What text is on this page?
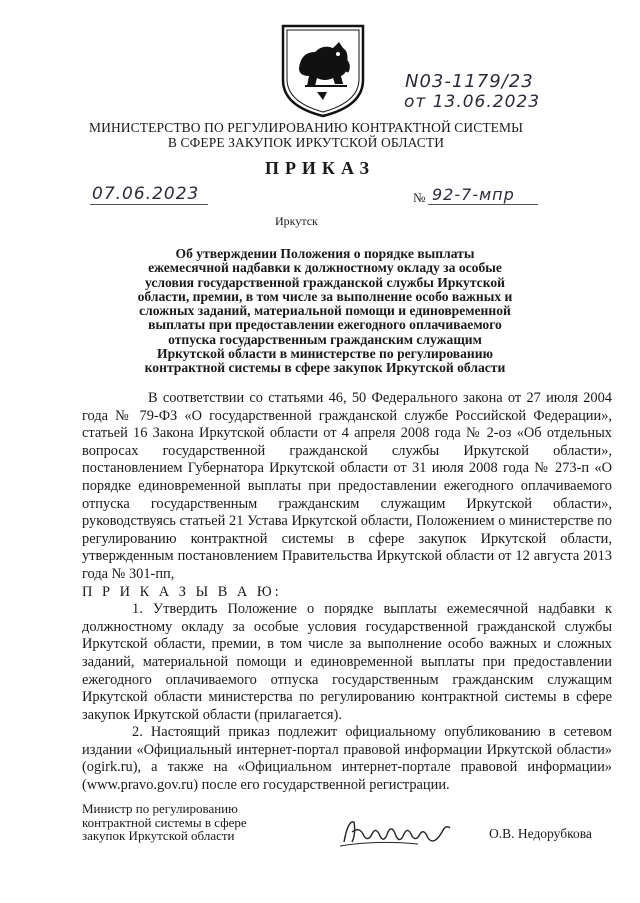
N03-1179/23
от 13.06.2023
МИНИСТЕРСТВО ПО РЕГУЛИРОВАНИЮ КОНТРАКТНОЙ СИСТЕМЫ
В СФЕРЕ ЗАКУПОК ИРКУТСКОЙ ОБЛАСТИ
ПРИКАЗ
07.06.2023	№ 92-7-мпр
Иркутск
Об утверждении Положения о порядке выплаты
ежемесячной надбавки к должностному окладу за особые
условия государственной гражданской службы Иркутской
области, премии, в том числе за выполнение особо важных и
сложных заданий, материальной помощи и единовременной
выплаты при предоставлении ежегодного оплачиваемого
отпуска государственным гражданским служащим
Иркутской области в министерстве по регулированию
контрактной системы в сфере закупок Иркутской области

В соответствии со статьями 46, 50 Федерального закона от 27 июля 2004 года № 79-ФЗ «О государственной гражданской службе Российской Федерации», статьей 16 Закона Иркутской области от 4 апреля 2008 года № 2-оз «Об отдельных вопросах государственной гражданской службы Иркутской области», постановлением Губернатора Иркутской области от 31 июля 2008 года № 273-п «О порядке единовременной выплаты при предоставлении ежегодного оплачиваемого отпуска государственным гражданским служащим Иркутской области», руководствуясь статьей 21 Устава Иркутской области, Положением о министерстве по регулированию контрактной системы в сфере закупок Иркутской области, утвержденным постановлением Правительства Иркутской области от 12 августа 2013 года № 301-пп,

П Р И К А З Ы В А Ю:

1. Утвердить Положение о порядке выплаты ежемесячной надбавки к должностному окладу за особые условия государственной гражданской службы Иркутской области, премии, в том числе за выполнение особо важных и сложных заданий, материальной помощи и единовременной выплаты при предоставлении ежегодного оплачиваемого отпуска государственным гражданским служащим Иркутской области министерства по регулированию контрактной системы в сфере закупок Иркутской области (прилагается).

2. Настоящий приказ подлежит официальному опубликованию в сетевом издании «Официальный интернет-портал правовой информации Иркутской области» (ogirk.ru), а также на «Официальном интернет-портале правовой информации» (www.pravo.gov.ru) после его государственной регистрации.

Министр по регулированию
контрактной системы в сфере
закупок Иркутской области	О.В. Недорубкова
